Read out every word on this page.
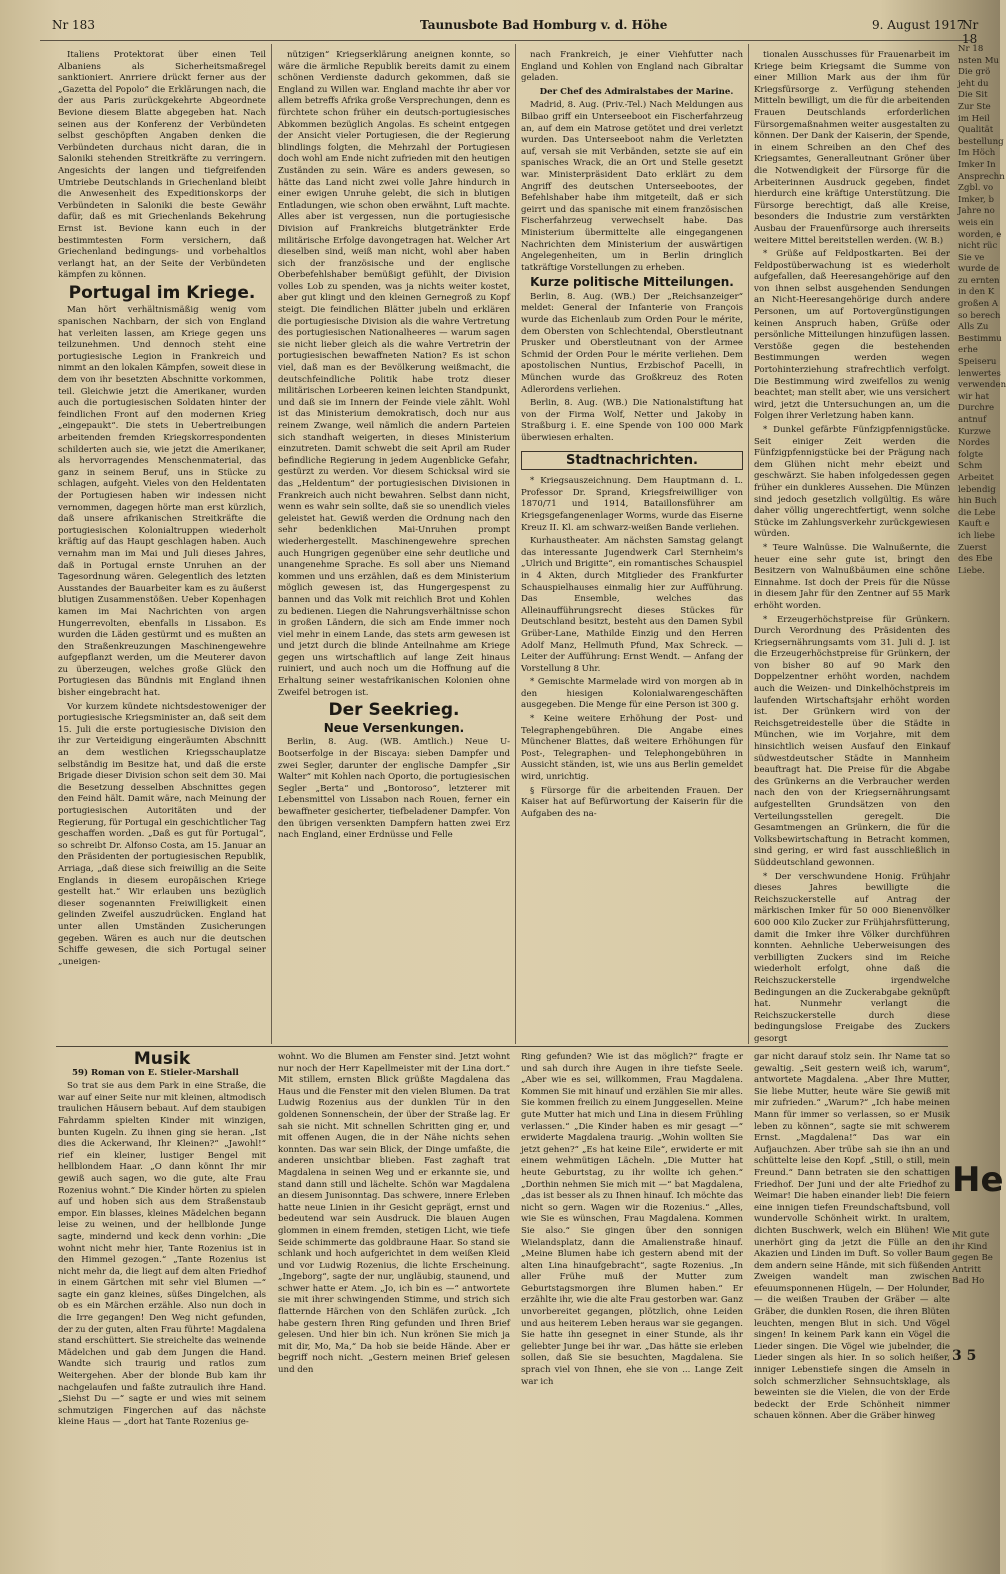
Nr 183	Taunusbote Bad Homburg v. d. Höhe	9. August 1917
Nr 18

Italiens Protektorat über einen Teil Albaniens als Sicherheitsmaßregel sanktioniert. Anrriere drückt ferner aus der „Gazetta del Popolo“ die Erklärungen nach, die der aus Paris zurückgekehrte Abgeordnete Bevione diesem Blatte abgegeben hat. Nach seinen aus der Konferenz der Verbündeten selbst geschöpften Angaben denken die Verbündeten durchaus nicht daran, die in Saloniki stehenden Streitkräfte zu verringern. Angesichts der langen und tiefgreifenden Umtriebe Deutschlands in Griechenland bleibt die Anwesenheit des Expeditionskorps der Verbündeten in Saloniki die beste Gewähr dafür, daß es mit Griechenlands Bekehrung Ernst ist. Bevione kann euch in der bestimmtesten Form versichern, daß Griechenland bedingungs- und vorbehaltlos verlangt hat, an der Seite der Verbündeten kämpfen zu können.

Portugal im Kriege.

Man hört verhältnismäßig wenig vom spanischen Nachbarn, der sich von England hat verleiten lassen, am Kriege gegen uns teilzunehmen. Und dennoch steht eine portugiesische Legion in Frankreich und nimmt an den lokalen Kämpfen, soweit diese in dem von ihr besetzten Abschnitte vorkommen, teil. Gleichwie jetzt die Amerikaner, wurden auch die portugiesischen Soldaten hinter der feindlichen Front auf den modernen Krieg „eingepaukt“. Die stets in Uebertreibungen arbeitenden fremden Kriegskorrespondenten schilderten auch sie, wie jetzt die Amerikaner, als hervorragendes Menschenmaterial, das ganz in seinem Beruf, uns in Stücke zu schlagen, aufgeht. Vieles von den Heldentaten der Portugiesen haben wir indessen nicht vernommen, dagegen hörte man erst kürzlich, daß unsere afrikanischen Streitkräfte die portugiesischen Kolonialtruppen wiederholt kräftig auf das Haupt geschlagen haben. Auch vernahm man im Mai und Juli dieses Jahres, daß in Portugal ernste Unruhen an der Tagesordnung wären. Gelegentlich des letzten Ausstandes der Bauarbeiter kam es zu äußerst blutigen Zusammenstößen. Ueber Kopenhagen kamen im Mai Nachrichten von argen Hungerrevolten, ebenfalls in Lissabon. Es wurden die Läden gestürmt und es mußten an den Straßenkreuzungen Maschinengewehre aufgepflanzt werden, um die Meuterer davon zu überzeugen, welches große Glück den Portugiesen das Bündnis mit England ihnen bisher eingebracht hat.

Vor kurzem kündete nichtsdestoweniger der portugiesische Kriegsminister an, daß seit dem 15. Juli die erste portugiesische Division den ihr zur Verteidigung eingeräumten Abschnitt an dem westlichen Kriegsschauplatze selbständig im Besitze hat, und daß die erste Brigade dieser Division schon seit dem 30. Mai die Besetzung desselben Abschnittes gegen den Feind hält. Damit wäre, nach Meinung der portugiesischen Autoritäten und der Regierung, für Portugal ein geschichtlicher Tag geschaffen worden. „Daß es gut für Portugal“, so schreibt Dr. Alfonso Costa, am 15. Januar an den Präsidenten der portugiesischen Republik, Arriaga, „daß diese sich freiwillig an die Seite Englands in diesem europäischen Kriege gestellt hat.“ Wir erlauben uns bezüglich dieser sogenannten Freiwilligkeit einen gelinden Zweifel auszudrücken. England hat unter allen Umständen Zusicherungen gegeben. Wären es auch nur die deutschen Schiffe gewesen, die sich Portugal seiner „uneigen-

nützigen“ Kriegserklärung aneignen konnte, so wäre die ärmliche Republik bereits damit zu einem schönen Verdienste dadurch gekommen, daß sie England zu Willen war. England machte ihr aber vor allem betreffs Afrika große Versprechungen, denn es fürchtete schon früher ein deutsch-portugiesisches Abkommen bezüglich Angolas. Es scheint entgegen der Ansicht vieler Portugiesen, die der Regierung blindlings folgten, die Mehrzahl der Portugiesen doch wohl am Ende nicht zufrieden mit den heutigen Zuständen zu sein. Wäre es anders gewesen, so hätte das Land nicht zwei volle Jahre hindurch in einer ewigen Unruhe gelebt, die sich in blutigen Entladungen, wie schon oben erwähnt, Luft machte. Alles aber ist vergessen, nun die portugiesische Division auf Frankreichs blutgetränkter Erde militärische Erfolge davongetragen hat. Welcher Art dieselben sind, weiß man nicht, wohl aber haben sich der französische und der englische Oberbefehlshaber bemüßigt gefühlt, der Division volles Lob zu spenden, was ja nichts weiter kostet, aber gut klingt und den kleinen Gernegroß zu Kopf steigt. Die feindlichen Blätter jubeln und erklären die portugiesische Division als die wahre Vertretung des portugiesischen Nationalheeres — warum sagen sie nicht lieber gleich als die wahre Vertretrin der portugiesischen bewaffneten Nation? Es ist schon viel, daß man es der Bevölkerung weißmacht, die deutschfeindliche Politik habe trotz dieser militärischen Lorbeeren keinen leichten Standpunkt, und daß sie im Innern der Feinde viele zählt. Wohl ist das Ministerium demokratisch, doch nur aus reinem Zwange, weil nämlich die andern Parteien sich standhaft weigerten, in dieses Ministerium einzutreten. Damit schwebt die seit April am Ruder befindliche Regierung in jedem Augenblicke Gefahr, gestürzt zu werden. Vor diesem Schicksal wird sie das „Heldentum“ der portugiesischen Divisionen in Frankreich auch nicht bewahren. Selbst dann nicht, wenn es wahr sein sollte, daß sie so unendlich vieles geleistet hat. Gewiß werden die Ordnung nach den sehr bedenklichen Mai-Unruhen prompt wiederhergestellt. Maschinengewehre sprechen auch Hungrigen gegenüber eine sehr deutliche und unangenehme Sprache. Es soll aber uns Niemand kommen und uns erzählen, daß es dem Ministerium möglich gewesen ist, das Hungergespenst zu bannen und das Volk mit reichlich Brot und Kohlen zu bedienen. Liegen die Nahrungsverhältnisse schon in großen Ländern, die sich am Ende immer noch viel mehr in einem Lande, das stets arm gewesen ist und jetzt durch die blinde Anteilnahme am Kriege gegen uns wirtschaftlich auf lange Zeit hinaus ruiniert, und auch noch um die Hoffnung auf die Erhaltung seiner westafrikanischen Kolonien ohne Zweifel betrogen ist.

Der Seekrieg.
Neue Versenkungen.

Berlin, 8. Aug. (WB. Amtlich.) Neue U-Bootserfolge in der Biscaya: sieben Dampfer und zwei Segler, darunter der englische Dampfer „Sir Walter“ mit Kohlen nach Oporto, die portugiesischen Segler „Berta“ und „Bontoroso“, letzterer mit Lebensmittel von Lissabon nach Rouen, ferner ein bewaffneter gesicherter, tiefbeladener Dampfer. Von den übrigen versenkten Dampfern hatten zwei Erz nach England, einer Erdnüsse und Felle

nach Frankreich, je einer Viehfutter nach England und Kohlen von England nach Gibraltar geladen.

Der Chef des Admiralstabes der Marine.

Madrid, 8. Aug. (Priv.-Tel.) Nach Meldungen aus Bilbao griff ein Unterseeboot ein Fischerfahrzeug an, auf dem ein Matrose getötet und drei verletzt wurden. Das Unterseeboot nahm die Verletzten auf, versah sie mit Verbänden, setzte sie auf ein spanisches Wrack, die an Ort und Stelle gesetzt war. Ministerpräsident Dato erklärt zu dem Angriff des deutschen Unterseebootes, der Befehlshaber habe ihm mitgeteilt, daß er sich geirrt und das spanische mit einem französischen Fischerfahrzeug verwechselt habe. Das Ministerium übermittelte alle eingegangenen Nachrichten dem Ministerium der auswärtigen Angelegenheiten, um in Berlin dringlich tatkräftige Vorstellungen zu erheben.

Kurze politische Mitteilungen.

Berlin, 8. Aug. (WB.) Der „Reichsanzeiger“ meldet: General der Infanterie von François wurde das Eichenlaub zum Orden Pour le mérite, dem Obersten von Schlechtendal, Oberstleutnant Prusker und Oberstleutnant von der Armee Schmid der Orden Pour le mérite verliehen. Dem apostolischen Nuntius, Erzbischof Pacelli, in München wurde das Großkreuz des Roten Adlerordens verliehen.

Berlin, 8. Aug. (WB.) Die Nationalstiftung hat von der Firma Wolf, Netter und Jakoby in Straßburg i. E. eine Spende von 100 000 Mark überwiesen erhalten.

Stadtnachrichten.

* Kriegsauszeichnung. Dem Hauptmann d. L. Professor Dr. Sprand, Kriegsfreiwilliger von 1870/71 und 1914, Bataillonsführer am Kriegsgefangenenlager Worms, wurde das Eiserne Kreuz II. Kl. am schwarz-weißen Bande verliehen.

Kurhaustheater. Am nächsten Samstag gelangt das interessante Jugendwerk Carl Sternheim's „Ulrich und Brigitte“, ein romantisches Schauspiel in 4 Akten, durch Mitglieder des Frankfurter Schauspielhauses einmalig hier zur Aufführung. Das Ensemble, welches das Alleinaufführungsrecht dieses Stückes für Deutschland besitzt, besteht aus den Damen Sybil Grüber-Lane, Mathilde Einzig und den Herren Adolf Manz, Hellmuth Pfund, Max Schreck. — Leiter der Aufführung: Ernst Wendt. — Anfang der Vorstellung 8 Uhr.

* Gemischte Marmelade wird von morgen ab in den hiesigen Kolonialwarengeschäften ausgegeben. Die Menge für eine Person ist 300 g.

* Keine weitere Erhöhung der Post- und Telegraphengebühren. Die Angabe eines Münchener Blattes, daß weitere Erhöhungen für Post-, Telegraphen- und Telephongebühren in Aussicht ständen, ist, wie uns aus Berlin gemeldet wird, unrichtig.

§ Fürsorge für die arbeitenden Frauen. Der Kaiser hat auf Befürwortung der Kaiserin für die Aufgaben des na-

tionalen Ausschusses für Frauenarbeit im Kriege beim Kriegsamt die Summe von einer Million Mark aus der ihm für Kriegsfürsorge z. Verfügung stehenden Mitteln bewilligt, um die für die arbeitenden Frauen Deutschlands erforderlichen Fürsorgemaßnahmen weiter ausgestalten zu können. Der Dank der Kaiserin, der Spende, in einem Schreiben an den Chef des Kriegsamtes, Generalleutnant Gröner über die Notwendigkeit der Fürsorge für die Arbeiterinnen Ausdruck gegeben, findet hierdurch eine kräftige Unterstützung. Die Fürsorge berechtigt, daß alle Kreise, besonders die Industrie zum verstärkten Ausbau der Frauenfürsorge auch ihrerseits weitere Mittel bereitstellen werden. (W. B.)

* Grüße auf Feldpostkarten. Bei der Feldpostüberwachung ist es wiederholt aufgefallen, daß Heeresangehörige auf den von ihnen selbst ausgehenden Sendungen an Nicht-Heeresangehörige durch andere Personen, um auf Portovergünstigungen keinen Anspruch haben, Grüße oder persönliche Mitteilungen hinzufügen lassen. Verstöße gegen die bestehenden Bestimmungen werden wegen Portohinterziehung strafrechtlich verfolgt. Die Bestimmung wird zweifellos zu wenig beachtet; man stellt aber, wie uns versichert wird, jetzt die Untersuchungen an, um die Folgen ihrer Verletzung haben kann.

* Dunkel gefärbte Fünfzigpfennigstücke. Seit einiger Zeit werden die Fünfzigpfennigstücke bei der Prägung nach dem Glühen nicht mehr ebeizt und geschwärzt. Sie haben infolgedessen gegen früher ein dunkleres Aussehen. Die Münzen sind jedoch gesetzlich vollgültig. Es wäre daher völlig ungerechtfertigt, wenn solche Stücke im Zahlungsverkehr zurückgewiesen würden.

* Teure Walnüsse. Die Walnußernte, die heuer eine sehr gute ist, bringt den Besitzern von Walnußbäumen eine schöne Einnahme. Ist doch der Preis für die Nüsse in diesem Jahr für den Zentner auf 55 Mark erhöht worden.

* Erzeugerhöchstpreise für Grünkern. Durch Verordnung des Präsidenten des Kriegsernährungsamts vom 31. Juli d. J. ist die Erzeugerhöchstpreise für Grünkern, der von bisher 80 auf 90 Mark den Doppelzentner erhöht worden, nachdem auch die Weizen- und Dinkelhöchstpreis im laufenden Wirtschaftsjahr erhöht worden ist. Der Grünkern wird von der Reichsgetreidestelle über die Städte in München, wie im Vorjahre, mit dem hinsichtlich weisen Ausfauf den Einkauf südwestdeutscher Städte in Mannheim beauftragt hat. Die Preise für die Abgabe des Grünkerns an die Verbraucher werden nach den von der Kriegsernährungsamt aufgestellten Grundsätzen von den Verteilungsstellen geregelt. Die Gesamtmengen an Grünkern, die für die Volksbewirtschaftung in Betracht kommen, sind gering, er wird fast ausschließlich in Süddeutschland gewonnen.

* Der verschwundene Honig. Frühjahr dieses Jahres bewilligte die Reichszuckerstelle auf Antrag der märkischen Imker für 50 000 Bienenvölker 600 000 Kilo Zucker zur Frühjahrsfütterung, damit die Imker ihre Völker durchführen konnten. Aehnliche Ueberweisungen des verbilligten Zuckers sind im Reiche wiederholt erfolgt, ohne daß die Reichszuckerstelle irgendwelche Bedingungen an die Zuckerabgabe geknüpft hat. Nunmehr verlangt die Reichszuckerstelle durch diese bedingungslose Freigabe des Zuckers gesorgt

Musik

59) Roman von E. Stieler-Marshall

So trat sie aus dem Park in eine Straße, die war auf einer Seite nur mit kleinen, altmodisch traulichen Häusern bebaut. Auf dem staubigen Fahrdamm spielten Kinder mit winzigen, bunten Kugeln. Zu ihnen ging sie heran. „Ist dies die Ackerwand, Ihr Kleinen?“ „Jawohl!“ rief ein kleiner, lustiger Bengel mit hellblondem Haar. „O dann könnt Ihr mir gewiß auch sagen, wo die gute, alte Frau Rozenius wohnt.“ Die Kinder hörten zu spielen auf und hoben sich aus dem Straßenstaub empor. Ein blasses, kleines Mädelchen begann leise zu weinen, und der hellblonde Junge sagte, mindernd und keck denn vorhin: „Die wohnt nicht mehr hier, Tante Rozenius ist in den Himmel gezogen.“ „Tante Rozenius ist nicht mehr da, die liegt auf dem alten Friedhof in einem Gärtchen mit sehr viel Blumen —“ sagte ein ganz kleines, süßes Dingelchen, als ob es ein Märchen erzähle. Also nun doch in die Irre gegangen! Den Weg nicht gefunden, der zu der guten, alten Frau führte! Magdalena stand erschüttert. Sie streichelte das weinende Mädelchen und gab dem Jungen die Hand. Wandte sich traurig und ratlos zum Weitergehen. Aber der blonde Bub kam ihr nachgelaufen und faßte zutraulich ihre Hand. „Siehst Du —“ sagte er und wies mit seinem schmutzigen Fingerchen auf das nächste kleine Haus — „dort hat Tante Rozenius ge-

wohnt. Wo die Blumen am Fenster sind. Jetzt wohnt nur noch der Herr Kapellmeister mit der Lina dort.“ Mit stillem, ernsten Blick grüßte Magdalena das Haus und die Fenster mit den vielen Blumen. Da trat Ludwig Rozenius aus der dunklen Tür in den goldenen Sonnenschein, der über der Straße lag. Er sah sie nicht. Mit schnellen Schritten ging er, und mit offenen Augen, die in der Nähe nichts sehen konnten. Das war sein Blick, der Dinge umfaßte, die anderen unsichtbar blieben. Fast zaghaft trat Magdalena in seinen Weg und er erkannte sie, und stand dann still und lächelte. Schön war Magdalena an diesem Junisonntag. Das schwere, innere Erleben hatte neue Linien in ihr Gesicht geprägt, ernst und bedeutend war sein Ausdruck. Die blauen Augen glommen in einem fremden, stetigen Licht, wie tiefe Seide schimmerte das goldbraune Haar. So stand sie schlank und hoch aufgerichtet in dem weißen Kleid und vor Ludwig Rozenius, die lichte Erscheinung. „Ingeborg“, sagte der nur, ungläubig, staunend, und schwer hatte er Atem. „Jo, ich bin es —“ antwortete sie mit ihrer schwingenden Stimme, und strich sich flatternde Härchen von den Schläfen zurück. „Ich habe gestern Ihren Ring gefunden und Ihren Brief gelesen. Und hier bin ich. Nun krönen Sie mich ja mit dir, Mo, Ma,“ Da hob sie beide Hände. Aber er begriff noch nicht. „Gestern meinen Brief gelesen und den

Ring gefunden? Wie ist das möglich?“ fragte er und sah durch ihre Augen in ihre tiefste Seele. „Aber wie es sei, willkommen, Frau Magdalena. Kommen Sie mit hinauf und erzählen Sie mir alles. Sie kommen freilich zu einem Junggesellen. Meine gute Mutter hat mich und Lina in diesem Frühling verlassen.“ „Die Kinder haben es mir gesagt —“ erwiderte Magdalena traurig. „Wohin wollten Sie jetzt gehen?“ „Es hat keine Eile“, erwiderte er mit einem wehmütigen Lächeln. „Die Mutter hat heute Geburtstag, zu ihr wollte ich gehen.“ „Dorthin nehmen Sie mich mit —“ bat Magdalena, „das ist besser als zu Ihnen hinauf. Ich möchte das nicht so gern. Wagen wir die Rozenius.“ „Alles, wie Sie es wünschen, Frau Magdalena. Kommen Sie also.“ Sie gingen über den sonnigen Wielandsplatz, dann die Amalienstraße hinauf. „Meine Blumen habe ich gestern abend mit der alten Lina hinaufgebracht“, sagte Rozenius. „In aller Frühe muß der Mutter zum Geburtstagsmorgen ihre Blumen haben.“ Er erzählte ihr, wie die alte Frau gestorben war. Ganz unvorbereitet gegangen, plötzlich, ohne Leiden und aus heiterem Leben heraus war sie gegangen. Sie hatte ihn gesegnet in einer Stunde, als ihr geliebter Junge bei ihr war. „Das hätte sie erleben sollen, daß Sie sie besuchten, Magdalena. Sie sprach viel von Ihnen, ehe sie von ... Lange Zeit war ich

gar nicht darauf stolz sein. Ihr Name tat so gewaltig. „Seit gestern weiß ich, warum“, antwortete Magdalena. „Aber Ihre Mutter, Sie liebe Mutter, heute wäre Sie gewiß mit mir zufrieden.“ „Warum?“ „Ich habe meinen Mann für immer so verlassen, so er Musik leben zu können“, sagte sie mit schwerem Ernst. „Magdalena!“ Das war ein Aufjauchzen. Aber trübe sah sie ihn an und schüttelte leise den Kopf. „Still, o still, mein Freund.“ Dann betraten sie den schattigen Friedhof. Der Juni und der alte Friedhof zu Weimar! Die haben einander lieb! Die feiern eine innigen tiefen Freundschaftsbund, voll wundervolle Schönheit wirkt. In uraltem, dichten Buschwerk, welch ein Blühen! Wie unerhört ging da jetzt die Fülle an den Akazien und Linden im Duft. So voller Baum dem andern seine Hände, mit sich füßenden Zweigen wandelt man zwischen efeuumsponnenen Hügeln, — Der Holunder, — die weißen Trauben der Gräber — alte Gräber, die dunklen Rosen, die ihren Blüten leuchten, mengen Blut in sich. Und Vögel singen! In keinem Park kann ein Vögel die Lieder singen. Die Vögel wie jubelnder, die Lieder singen als hier. In so solich heißer, inniger Lebenstiefe singen die Amseln in solch schmerzlicher Sehnsuchtsklage, als beweinten sie die Vielen, die von der Erde bedeckt der Erde Schönheit nimmer schauen können. Aber die Gräber hinweg

Nr 18
nsten Mu
Die grö
jeht du
Die Sit
Zur Ste
im Heil
Qualität
bestellung
Im Höch
Imker In
Ansprechn
Zgbl. vo
Imker, b
Jahre no
weis ein
worden, e
nicht rüc
Sie ve
wurde de
zu ernten
in den K
großen A
so berech
Alls Zu
Bestimmu
erhe
Speiseru
lenwertes
verwenden
wir hat
Durchre
antnuf
Kurzwe
Nordes
folgte
Schm
Arbeitet
lebendig
hin Buch
die Lebe
Kauft e
ich liebe
Zuerst
des Ebe
Liebe.
He
Mit gute
ihr Kind
gegen Be
Antritt
Bad Ho
3 5
